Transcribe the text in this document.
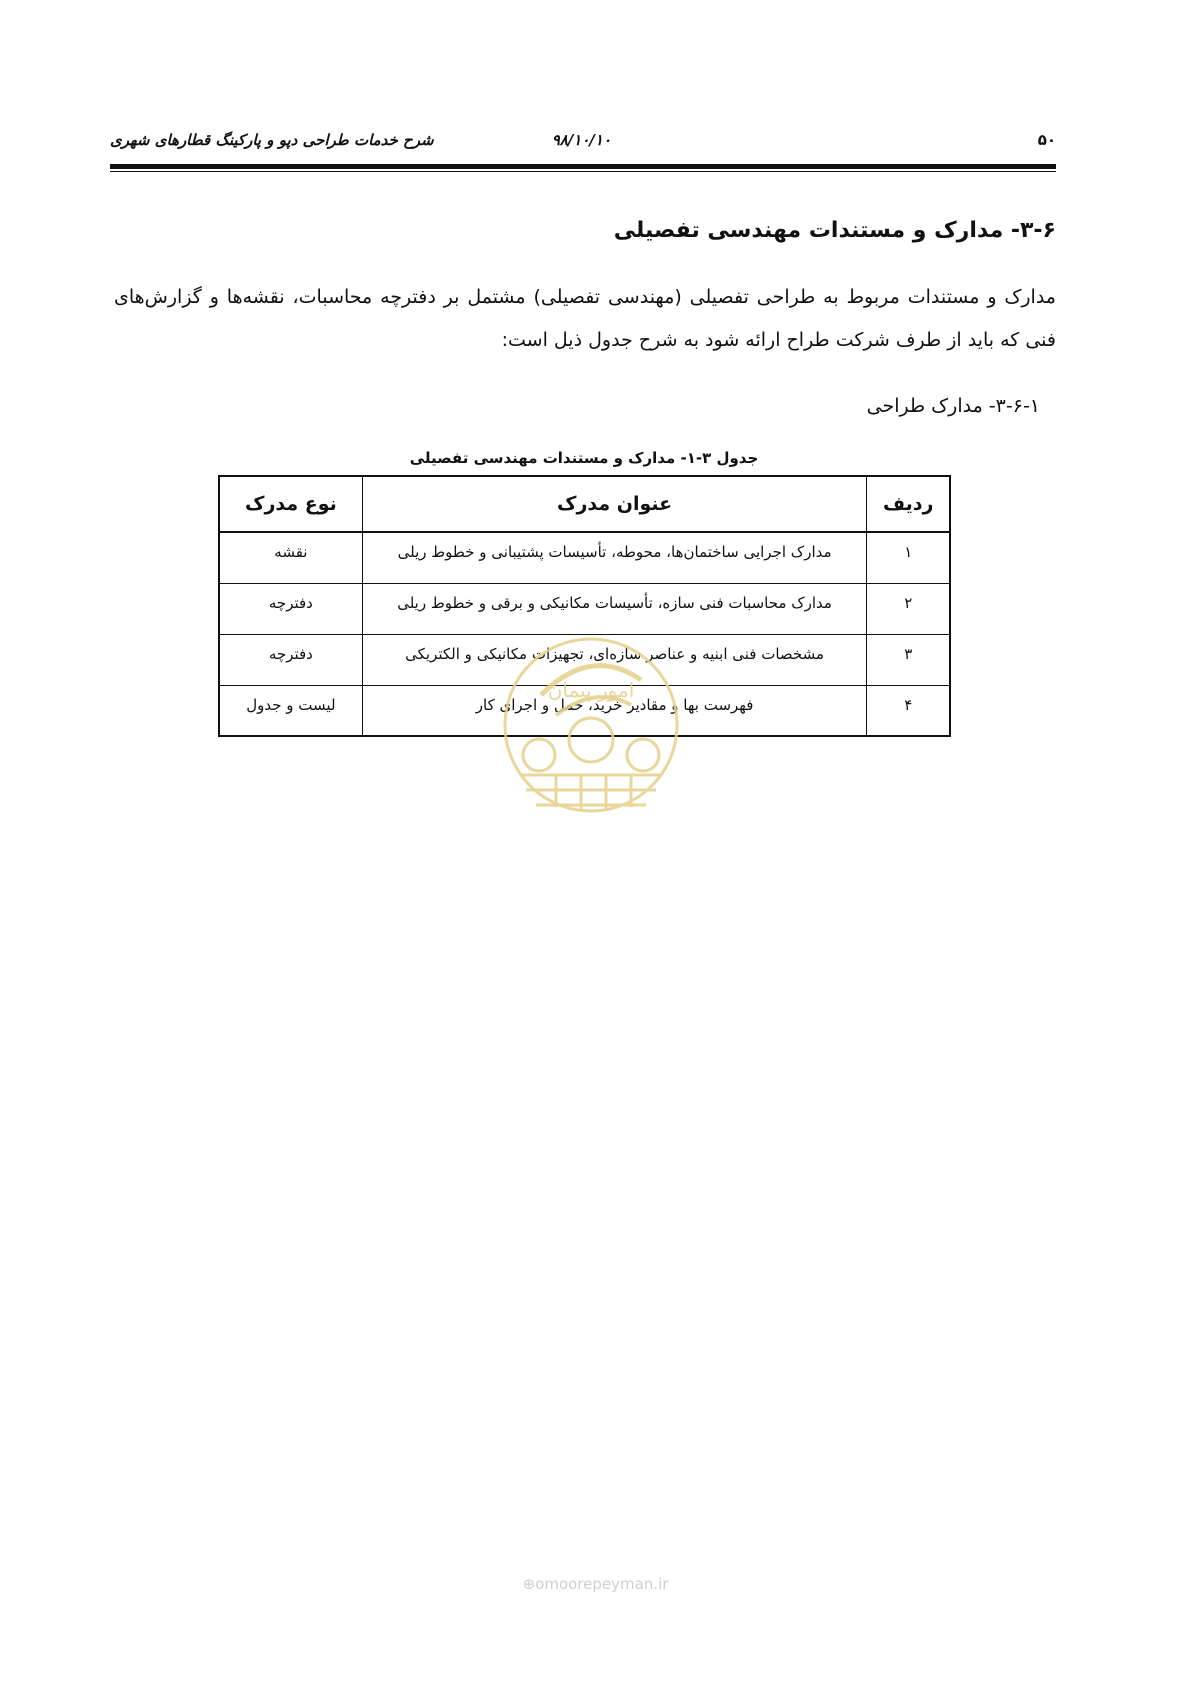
۵۰
۹۸/۱۰/۱۰
شرح خدمات طراحی دپو و پارکینگ قطارهای شهری
۳-۶- مدارک و مستندات مهندسی تفصیلی
مدارک و مستندات مربوط به طراحی تفصیلی (مهندسی تفصیلی) مشتمل بر دفترچه محاسبات، نقشه‌ها و گزارش‌های فنی که باید از طرف شرکت طراح ارائه شود به شرح جدول ذیل است:
۳-۶-۱- مدارک طراحی
جدول ۳-۱- مدارک و مستندات مهندسی تفصیلی
ردیف	عنوان مدرک	نوع مدرک
۱	مدارک اجرایی ساختمان‌ها، محوطه، تأسیسات پشتیبانی و خطوط ریلی	نقشه
۲	مدارک محاسبات فنی سازه، تأسیسات مکانیکی و برقی و خطوط ریلی	دفترچه
۳	مشخصات فنی ابنیه و عناصر سازه‌ای، تجهیزات مکانیکی و الکتریکی	دفترچه
۴	فهرست بها و مقادیر خرید، حمل و اجرای کار	لیست و جدول
امور پیمان
⊕omoorepeyman.ir
